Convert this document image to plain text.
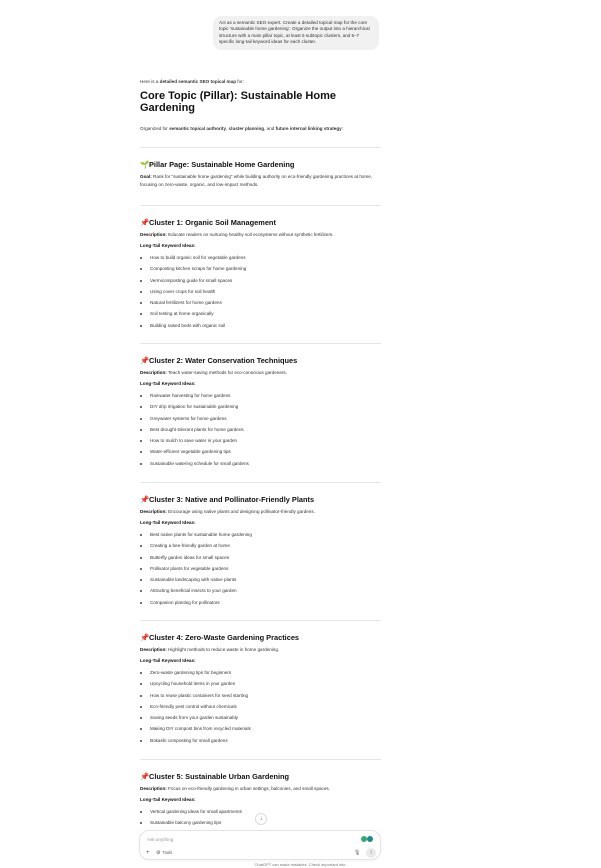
Act as a semantic SEO expert. Create a detailed topical map for the core topic 'sustainable home gardening'. Organize the output into a hierarchical structure with a main pillar topic, at least 5 subtopic clusters, and 5–7 specific long-tail keyword ideas for each cluster.
Here is a detailed semantic SEO topical map for:
Core Topic (Pillar): Sustainable Home Gardening
Organized for semantic topical authority, cluster planning, and future internal linking strategy:
🌱Pillar Page: Sustainable Home Gardening
Goal: Rank for “sustainable home gardening” while building authority on eco-friendly gardening practices at home, focusing on zero-waste, organic, and low-impact methods.
📌Cluster 1: Organic Soil Management
Description: Educate readers on nurturing healthy soil ecosystems without synthetic fertilizers.
Long-Tail Keyword Ideas:
How to build organic soil for vegetable gardens
Composting kitchen scraps for home gardening
Vermicomposting guide for small spaces
Using cover crops for soil health
Natural fertilizers for home gardens
Soil testing at home organically
Building raised beds with organic soil
📌Cluster 2: Water Conservation Techniques
Description: Teach water-saving methods for eco-conscious gardeners.
Long-Tail Keyword Ideas:
Rainwater harvesting for home gardens
DIY drip irrigation for sustainable gardening
Greywater systems for home gardens
Best drought-tolerant plants for home gardens
How to mulch to save water in your garden
Water-efficient vegetable gardening tips
Sustainable watering schedule for small gardens
📌Cluster 3: Native and Pollinator-Friendly Plants
Description: Encourage using native plants and designing pollinator-friendly gardens.
Long-Tail Keyword Ideas:
Best native plants for sustainable home gardening
Creating a bee-friendly garden at home
Butterfly garden ideas for small spaces
Pollinator plants for vegetable gardens
Sustainable landscaping with native plants
Attracting beneficial insects to your garden
Companion planting for pollinators
📌Cluster 4: Zero-Waste Gardening Practices
Description: Highlight methods to reduce waste in home gardening.
Long-Tail Keyword Ideas:
Zero-waste gardening tips for beginners
Upcycling household items in your garden
How to reuse plastic containers for seed starting
Eco-friendly pest control without chemicals
Saving seeds from your garden sustainably
Making DIY compost bins from recycled materials
Bokashi composting for small gardens
📌Cluster 5: Sustainable Urban Gardening
Description: Focus on eco-friendly gardening in urban settings, balconies, and small spaces.
Long-Tail Keyword Ideas:
Vertical gardening ideas for small apartments
Sustainable balcony gardening tips
↓
Ask anything
+ ⚙ Tools	🎙	↑
ChatGPT can make mistakes. Check important info.
